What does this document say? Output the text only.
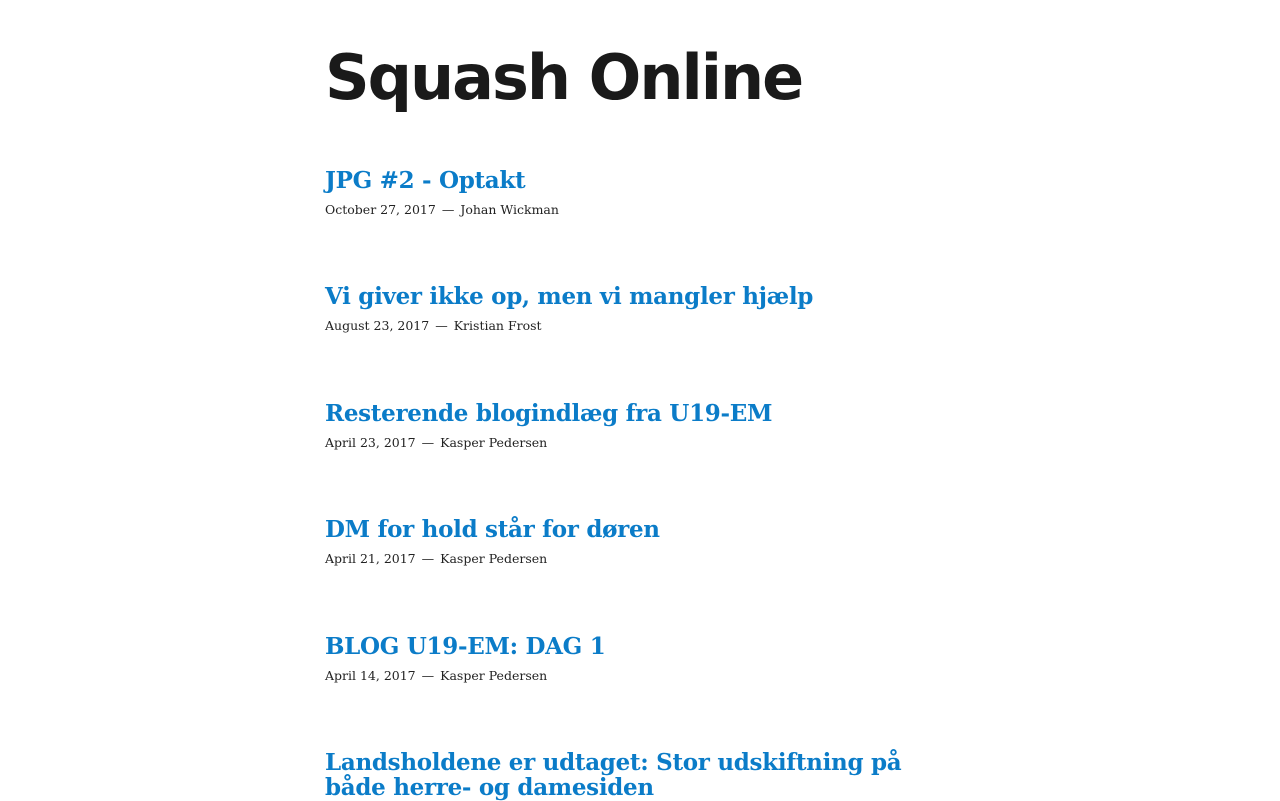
Squash Online
JPG #2 - Optakt
October 27, 2017 — Johan Wickman
Vi giver ikke op, men vi mangler hjælp
August 23, 2017 — Kristian Frost
Resterende blogindlæg fra U19-EM
April 23, 2017 — Kasper Pedersen
DM for hold står for døren
April 21, 2017 — Kasper Pedersen
BLOG U19-EM: DAG 1
April 14, 2017 — Kasper Pedersen
Landsholdene er udtaget: Stor udskiftning på både herre- og damesiden
